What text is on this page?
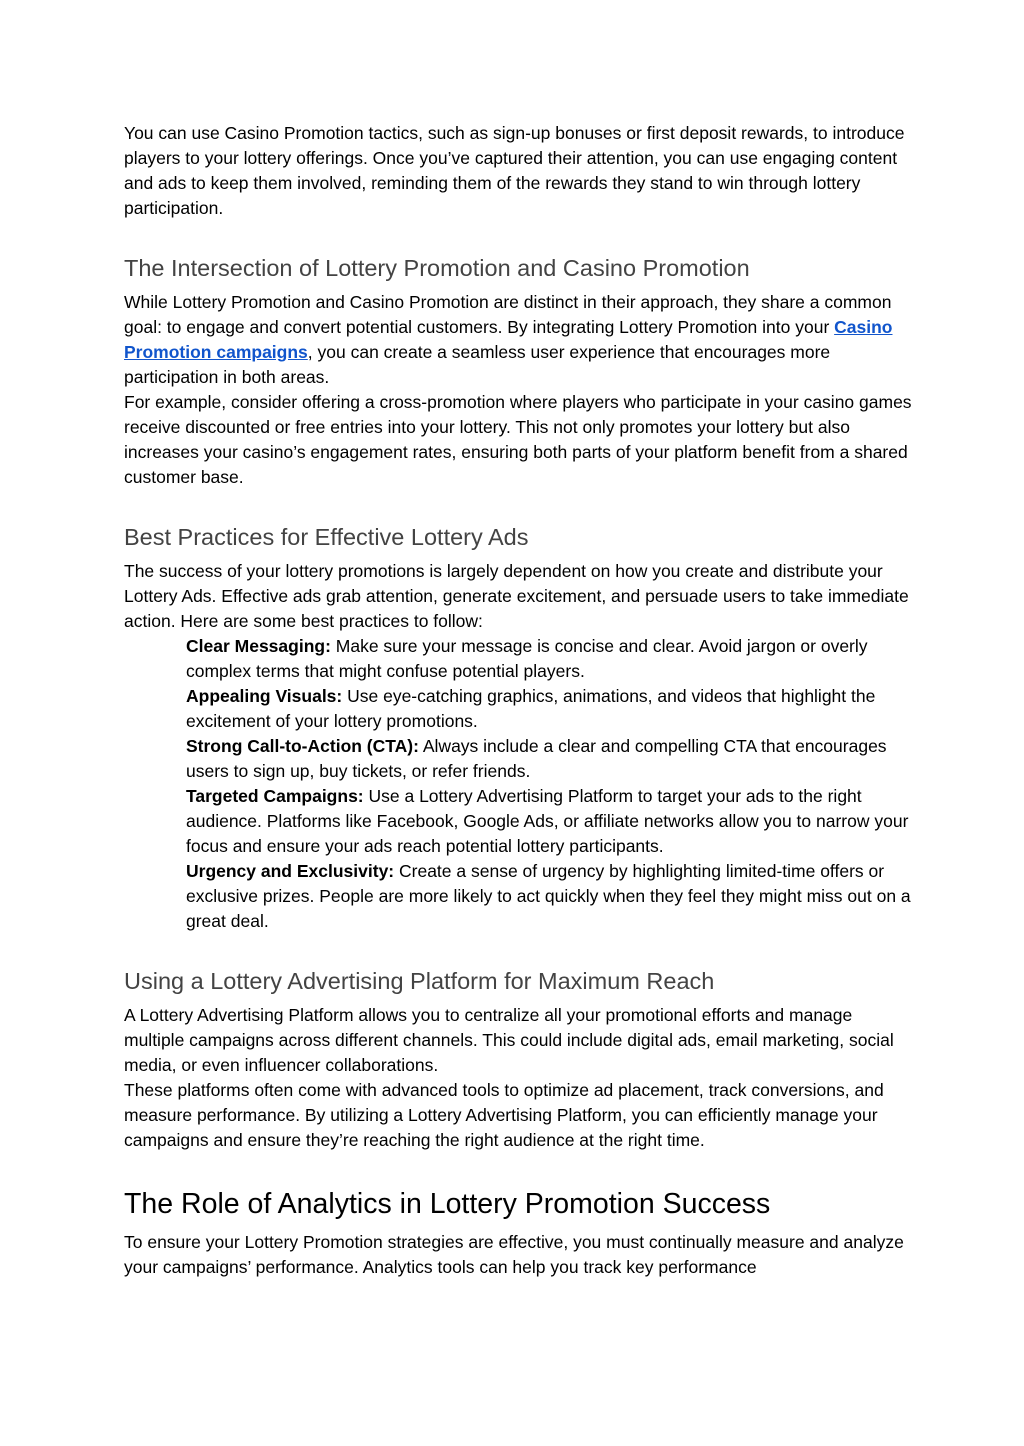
You can use Casino Promotion tactics, such as sign-up bonuses or first deposit rewards, to introduce players to your lottery offerings. Once you’ve captured their attention, you can use engaging content and ads to keep them involved, reminding them of the rewards they stand to win through lottery participation.

The Intersection of Lottery Promotion and Casino Promotion

While Lottery Promotion and Casino Promotion are distinct in their approach, they share a common goal: to engage and convert potential customers. By integrating Lottery Promotion into your Casino Promotion campaigns, you can create a seamless user experience that encourages more participation in both areas.

For example, consider offering a cross-promotion where players who participate in your casino games receive discounted or free entries into your lottery. This not only promotes your lottery but also increases your casino’s engagement rates, ensuring both parts of your platform benefit from a shared customer base.

Best Practices for Effective Lottery Ads

The success of your lottery promotions is largely dependent on how you create and distribute your Lottery Ads. Effective ads grab attention, generate excitement, and persuade users to take immediate action. Here are some best practices to follow:

Clear Messaging: Make sure your message is concise and clear. Avoid jargon or overly complex terms that might confuse potential players.
Appealing Visuals: Use eye-catching graphics, animations, and videos that highlight the excitement of your lottery promotions.
Strong Call-to-Action (CTA): Always include a clear and compelling CTA that encourages users to sign up, buy tickets, or refer friends.
Targeted Campaigns: Use a Lottery Advertising Platform to target your ads to the right audience. Platforms like Facebook, Google Ads, or affiliate networks allow you to narrow your focus and ensure your ads reach potential lottery participants.
Urgency and Exclusivity: Create a sense of urgency by highlighting limited-time offers or exclusive prizes. People are more likely to act quickly when they feel they might miss out on a great deal.
Using a Lottery Advertising Platform for Maximum Reach

A Lottery Advertising Platform allows you to centralize all your promotional efforts and manage multiple campaigns across different channels. This could include digital ads, email marketing, social media, or even influencer collaborations.

These platforms often come with advanced tools to optimize ad placement, track conversions, and measure performance. By utilizing a Lottery Advertising Platform, you can efficiently manage your campaigns and ensure they’re reaching the right audience at the right time.

The Role of Analytics in Lottery Promotion Success

To ensure your Lottery Promotion strategies are effective, you must continually measure and analyze your campaigns’ performance. Analytics tools can help you track key performance
